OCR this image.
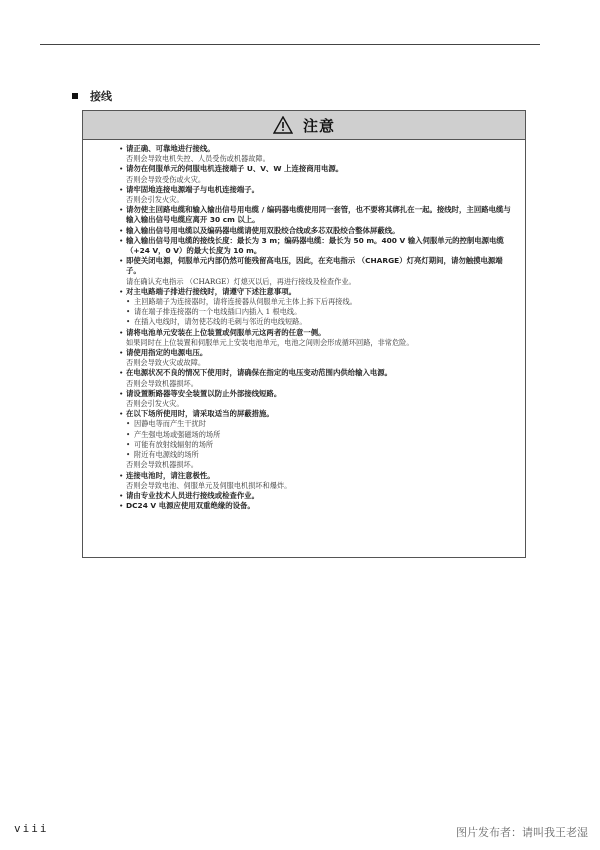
接线
注意
• 请正确、可靠地进行接线。
否则会导致电机失控、人员受伤或机器故障。
• 请勿在伺服单元的伺服电机连接端子 U、V、W 上连接商用电源。
否则会导致受伤或火灾。
• 请牢固地连接电源端子与电机连接端子。
否则会引发火灾。
• 请勿使主回路电缆和输入输出信号用电缆 / 编码器电缆使用同一套管，也不要将其绑扎在一起。接线时，主回路电缆与输入输出信号电缆应离开 30 cm 以上。
• 输入输出信号用电缆以及编码器电缆请使用双股绞合线或多芯双股绞合整体屏蔽线。
• 输入输出信号用电缆的接线长度：最长为 3 m；编码器电缆：最长为 50 m。400 V 输入伺服单元的控制电源电缆 （+24 V，0 V）的最大长度为 10 m。
• 即使关闭电源，伺服单元内部仍然可能残留高电压，因此，在充电指示 （CHARGE）灯亮灯期间，请勿触摸电源端子。
请在确认充电指示 （CHARGE）灯熄灭以后，再进行接线及检查作业。
• 对主电路端子排进行接线时，请遵守下述注意事项。
• 主回路端子为连接器时，请将连接器从伺服单元主体上拆下后再接线。
• 请在端子排连接器的一个电线插口内插入 1 根电线。
• 在插入电线时，请勿使芯线的毛刺与邻近的电线短路。
• 请将电池单元安装在上位装置或伺服单元这两者的任意一侧。
如果同时在上位装置和伺服单元上安装电池单元，电池之间则会形成循环回路，非常危险。
• 请使用指定的电源电压。
否则会导致火灾或故障。
• 在电源状况不良的情况下使用时，请确保在指定的电压变动范围内供给输入电源。
否则会导致机器损坏。
• 请设置断路器等安全装置以防止外部接线短路。
否则会引发火灾。
• 在以下场所使用时，请采取适当的屏蔽措施。
• 因静电等而产生干扰时
• 产生强电场或强磁场的场所
• 可能有放射线辐射的场所
• 附近有电源线的场所
否则会导致机器损坏。
• 连接电池时，请注意极性。
否则会导致电池、伺服单元及伺服电机损坏和爆炸。
• 请由专业技术人员进行接线或检查作业。
• DC24 V 电源应使用双重绝缘的设备。
viii	图片发布者：请叫我王老湿
